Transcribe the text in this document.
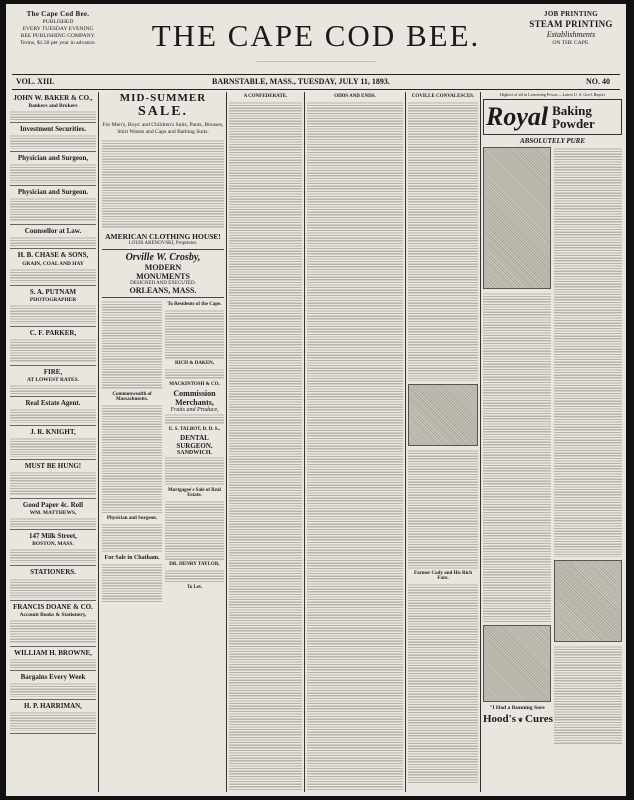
The Cape Cod Bee.
PUBLISHED
EVERY TUESDAY EVENING
BEE PUBLISHING COMPANY.
Terms, $1.50 per year in advance.	THE CAPE COD BEE.
────────────────────────────────────────────────
JOB PRINTING
STEAM PRINTING
Establishments
ON THE CAPE.
VOL. XIII.	BARNSTABLE, MASS., TUESDAY, JULY 11, 1893.	NO. 40
JOHN W. BAKER & CO.,
Bankers and Brokers
Investment Securities.
Physician and Surgeon,
Physician and Surgeon.
Counsellor at Law.
H. B. CHASE & SONS,
GRAIN, COAL AND HAY
S. A. PUTNAM
PHOTOGRAPHER
C. F. PARKER,
FIRE,
AT LOWEST RATES.
Real Estate Agent.
J. R. KNIGHT,
MUST BE HUNG!
Good Paper 4c. Roll
WM. MATTHEWS,
147 Milk Street,
BOSTON, MASS.
STATIONERS.
FRANCIS DOANE & CO.
Account Books & Stationery,
WILLIAM H. BROWNE,
Bargains Every Week
H. P. HARRIMAN,
MID-SUMMER
SALE.
For Men's, Boys' and Children's Suits, Pants, Blouses, Shirt Waists and Caps and Bathing Suits.
AMERICAN CLOTHING HOUSE!
LOUIS ARENOVSKI, Proprietor.
Orville W. Crosby,
MODERN
MONUMENTS
DESIGNED AND EXECUTED.
ORLEANS, MASS.
Commonwealth of Massachusetts.
Physician and Surgeon.
For Sale in Chatham.
To Residents of the Cape.
RICH & DAKEN,
MACKINTOSH & CO.
Commission
Merchants,
Fruits and Produce,
E. S. TALBOT, D. D. S.,
DENTAL SURGEON.
SANDWICH.
Mortgagee's Sale of Real Estate.
DR. HENRY TAYLOR,
To Let.
A CONFEDERATE.	ODDS AND ENDS.	COVILLE CONVALESCES.
Farmer Cody and His Rich Fare.
Highest of all in Leavening Power.—Latest U. S. Gov't Report
Royal Baking
Powder
ABSOLUTELY PURE
"I Had a Running Sore
Hood's ❦ Cures
